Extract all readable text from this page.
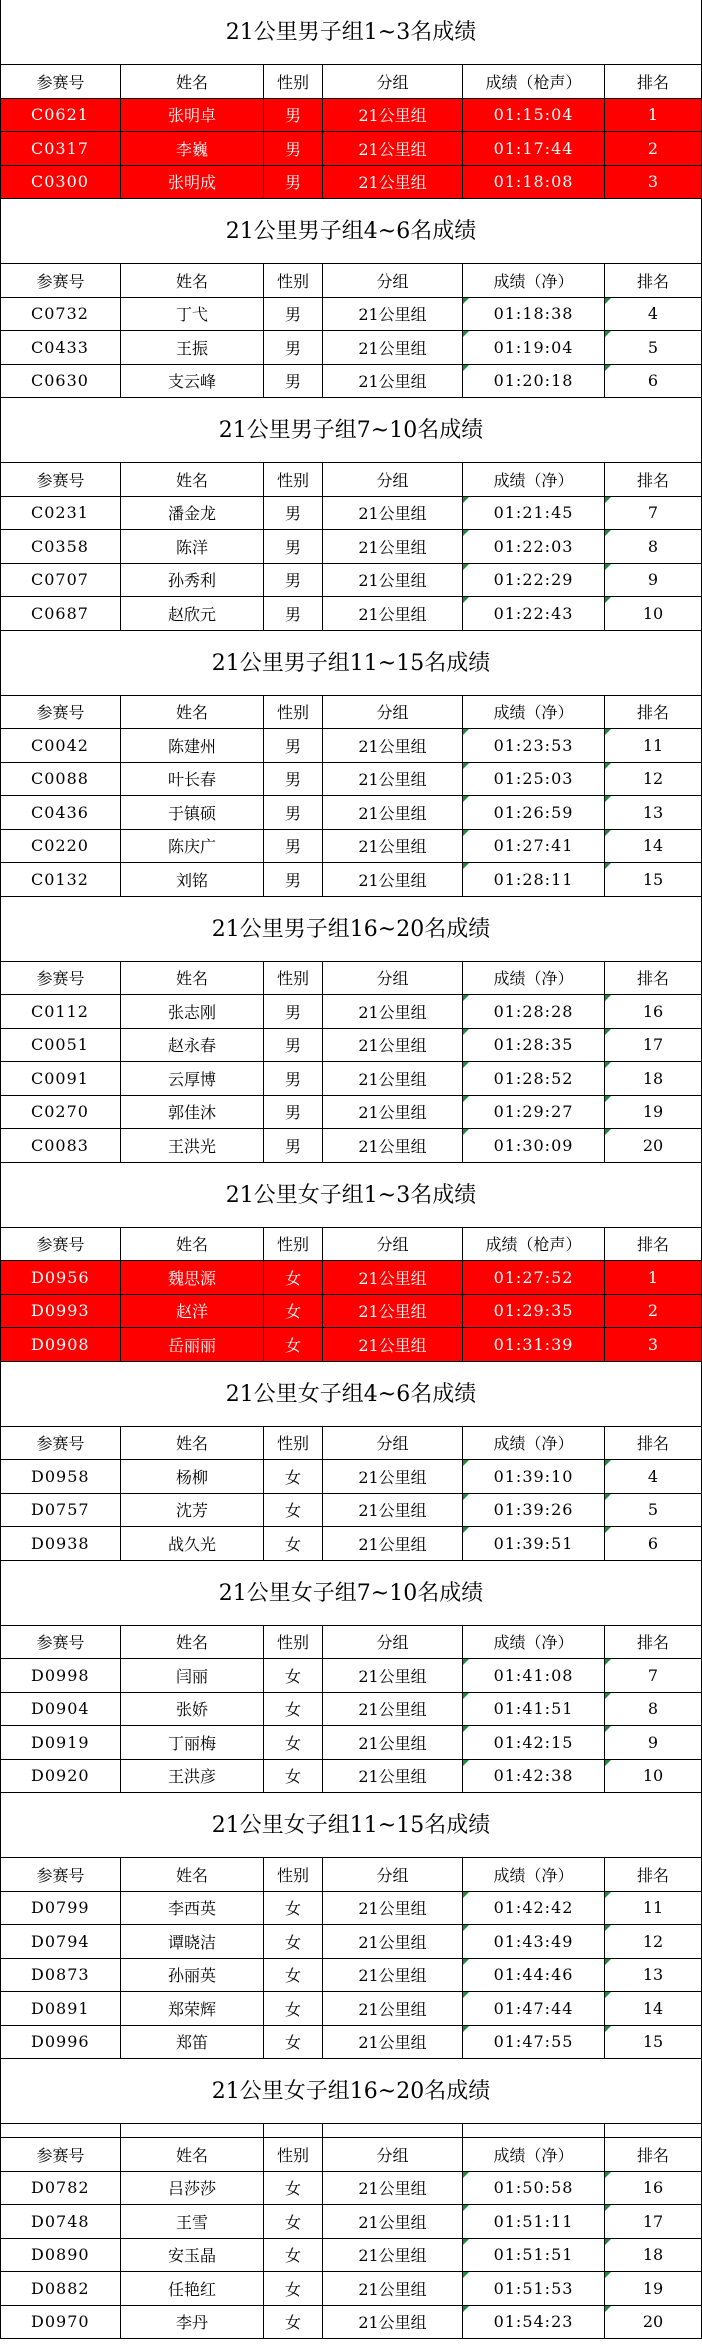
21公里男子组1~3名成绩
参赛号	姓名	性别	分组	成绩（枪声）	排名
C0621	张明卓	男	21公里组	01:15:04	1
C0317	李巍	男	21公里组	01:17:44	2
C0300	张明成	男	21公里组	01:18:08	3
21公里男子组4~6名成绩
参赛号	姓名	性别	分组	成绩（净）	排名
C0732	丁弋	男	21公里组	01:18:38	4
C0433	王振	男	21公里组	01:19:04	5
C0630	支云峰	男	21公里组	01:20:18	6
21公里男子组7~10名成绩
参赛号	姓名	性别	分组	成绩（净）	排名
C0231	潘金龙	男	21公里组	01:21:45	7
C0358	陈洋	男	21公里组	01:22:03	8
C0707	孙秀利	男	21公里组	01:22:29	9
C0687	赵欣元	男	21公里组	01:22:43	10
21公里男子组11~15名成绩
参赛号	姓名	性别	分组	成绩（净）	排名
C0042	陈建州	男	21公里组	01:23:53	11
C0088	叶长春	男	21公里组	01:25:03	12
C0436	于镇硕	男	21公里组	01:26:59	13
C0220	陈庆广	男	21公里组	01:27:41	14
C0132	刘铭	男	21公里组	01:28:11	15
21公里男子组16~20名成绩
参赛号	姓名	性别	分组	成绩（净）	排名
C0112	张志刚	男	21公里组	01:28:28	16
C0051	赵永春	男	21公里组	01:28:35	17
C0091	云厚博	男	21公里组	01:28:52	18
C0270	郭佳沐	男	21公里组	01:29:27	19
C0083	王洪光	男	21公里组	01:30:09	20
21公里女子组1~3名成绩
参赛号	姓名	性别	分组	成绩（枪声）	排名
D0956	魏思源	女	21公里组	01:27:52	1
D0993	赵洋	女	21公里组	01:29:35	2
D0908	岳丽丽	女	21公里组	01:31:39	3
21公里女子组4~6名成绩
参赛号	姓名	性别	分组	成绩（净）	排名
D0958	杨柳	女	21公里组	01:39:10	4
D0757	沈芳	女	21公里组	01:39:26	5
D0938	战久光	女	21公里组	01:39:51	6
21公里女子组7~10名成绩
参赛号	姓名	性别	分组	成绩（净）	排名
D0998	闫丽	女	21公里组	01:41:08	7
D0904	张娇	女	21公里组	01:41:51	8
D0919	丁丽梅	女	21公里组	01:42:15	9
D0920	王洪彦	女	21公里组	01:42:38	10
21公里女子组11~15名成绩
参赛号	姓名	性别	分组	成绩（净）	排名
D0799	李西英	女	21公里组	01:42:42	11
D0794	谭晓洁	女	21公里组	01:43:49	12
D0873	孙丽英	女	21公里组	01:44:46	13
D0891	郑荣辉	女	21公里组	01:47:44	14
D0996	郑笛	女	21公里组	01:47:55	15
21公里女子组16~20名成绩
参赛号	姓名	性别	分组	成绩（净）	排名
D0782	吕莎莎	女	21公里组	01:50:58	16
D0748	王雪	女	21公里组	01:51:11	17
D0890	安玉晶	女	21公里组	01:51:51	18
D0882	任艳红	女	21公里组	01:51:53	19
D0970	李丹	女	21公里组	01:54:23	20
